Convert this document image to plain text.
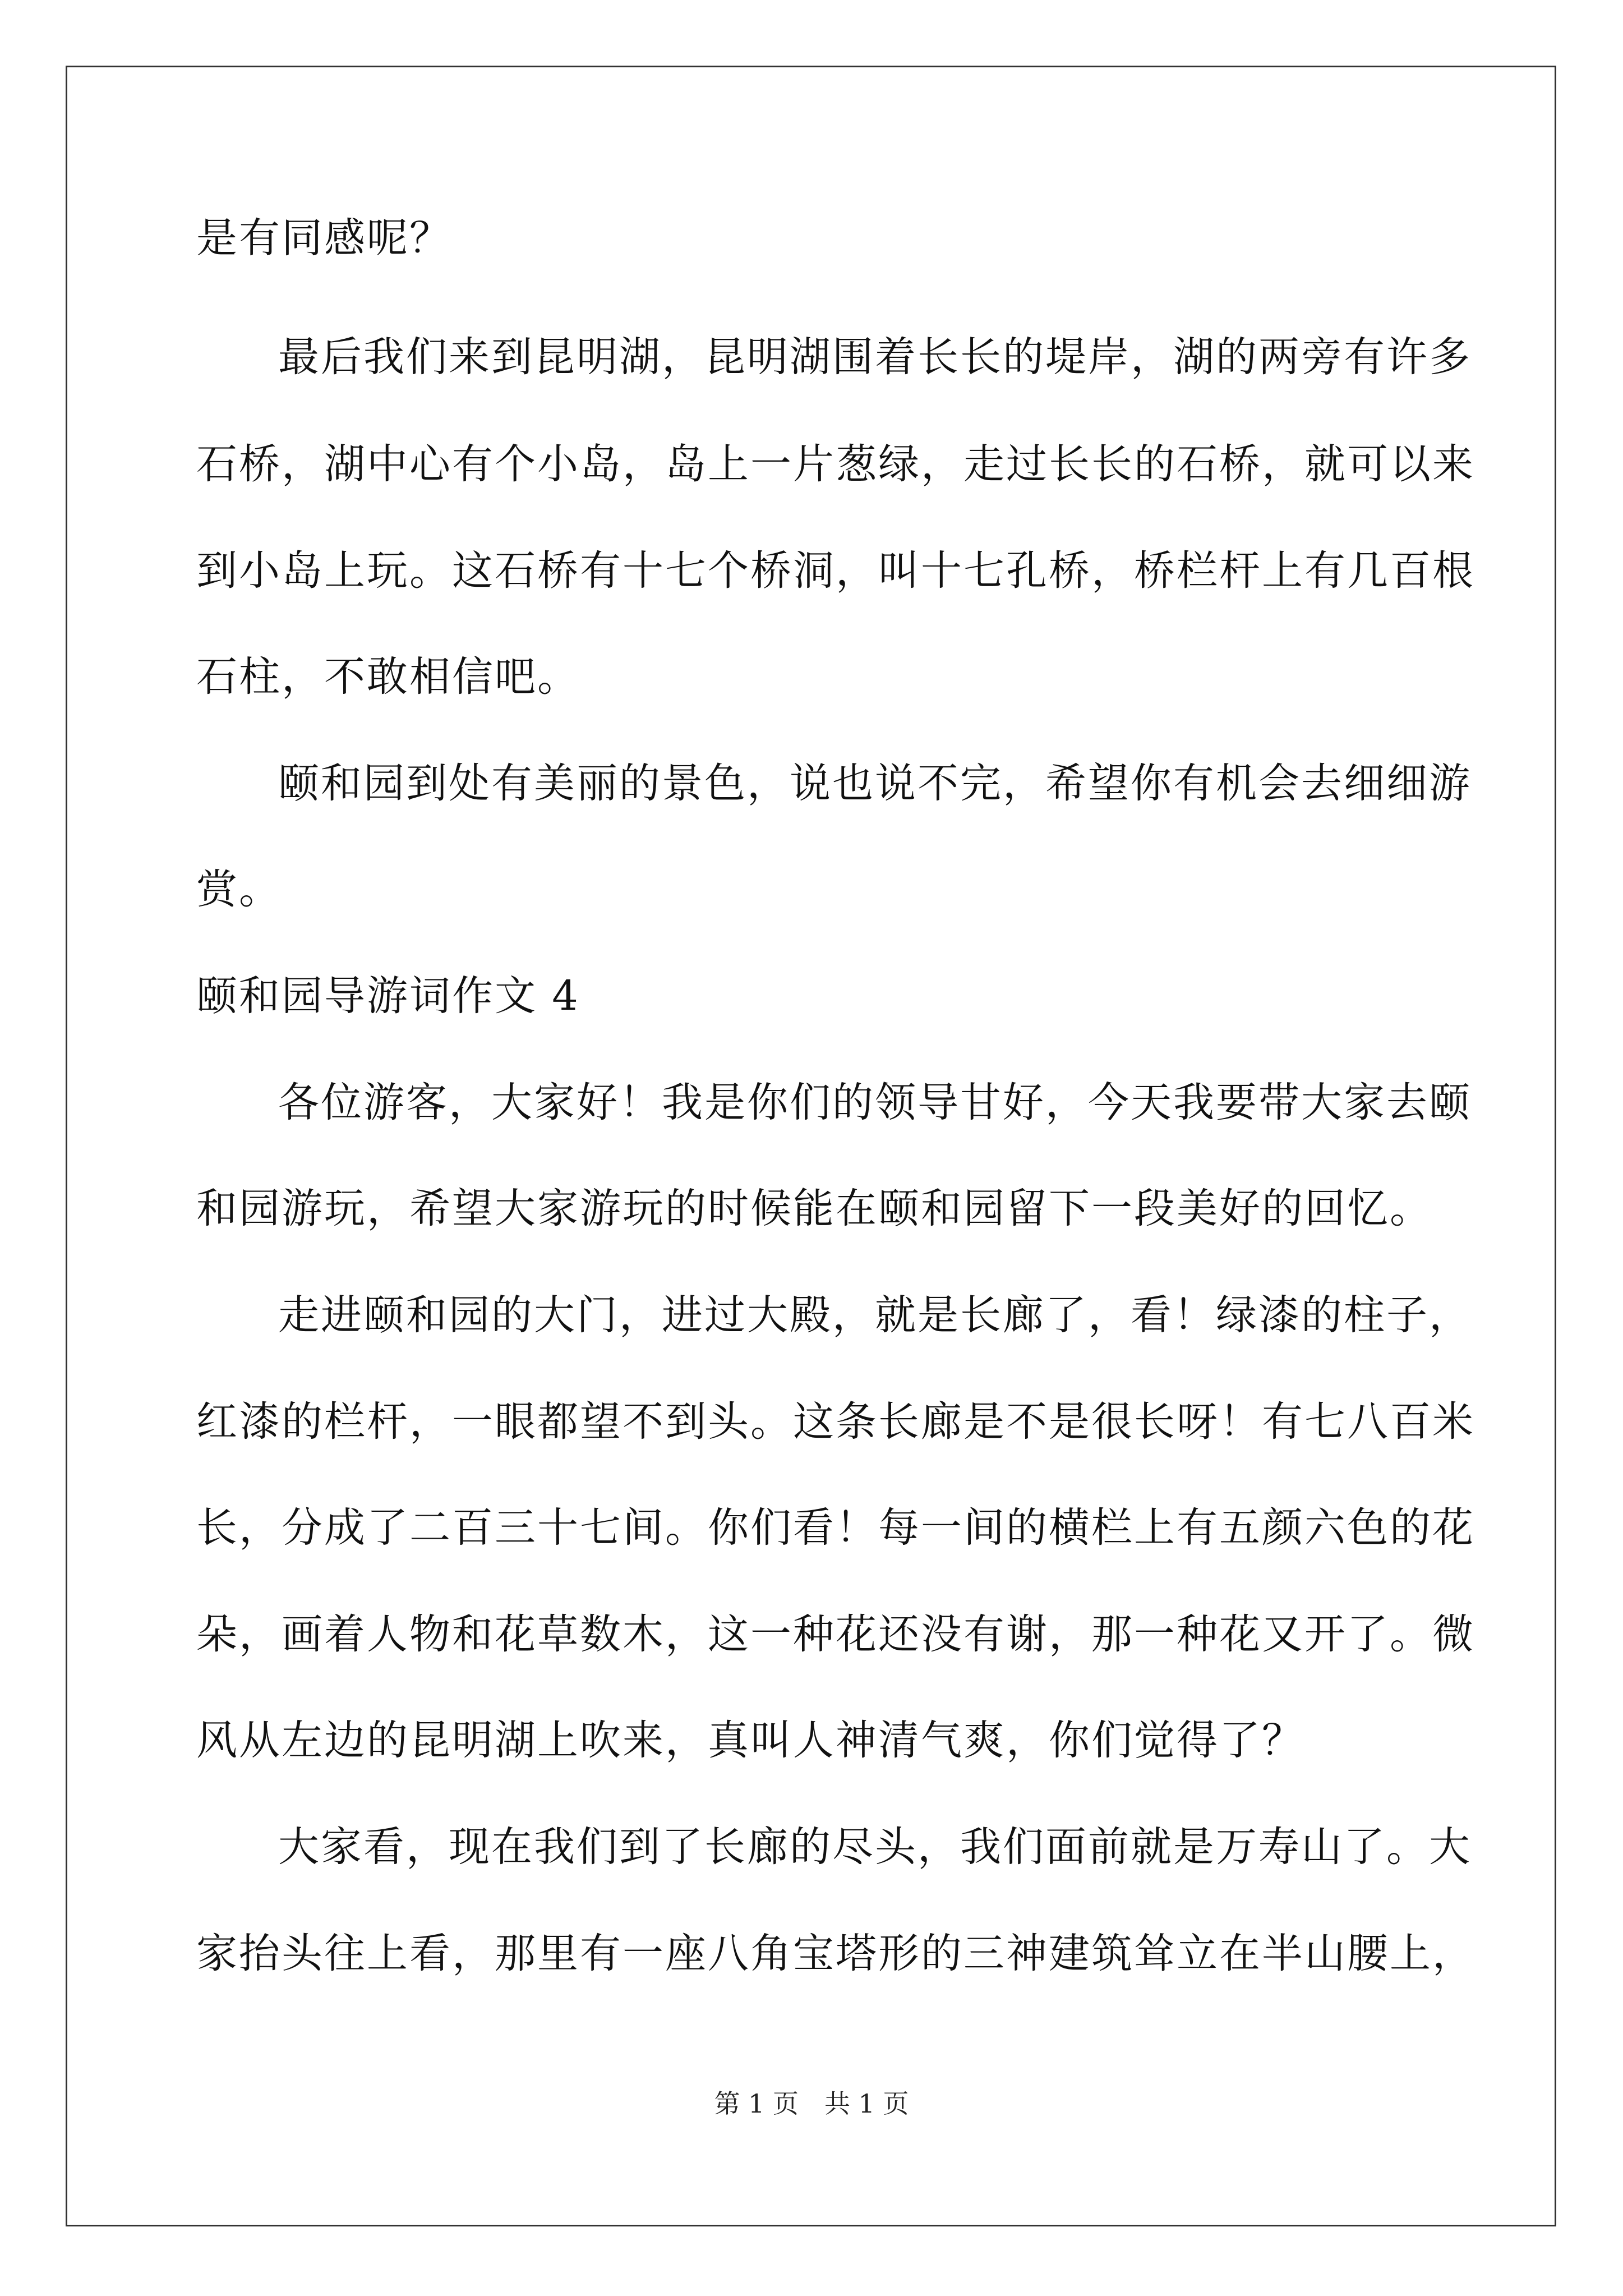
是有同感呢？
最后我们来到昆明湖，昆明湖围着长长的堤岸，湖的两旁有许多
石桥，湖中心有个小岛，岛上一片葱绿，走过长长的石桥，就可以来
到小岛上玩。这石桥有十七个桥洞，叫十七孔桥，桥栏杆上有几百根
石柱，不敢相信吧。
颐和园到处有美丽的景色，说也说不完，希望你有机会去细细游
赏。
颐和园导游词作文 4
各位游客，大家好！我是你们的领导甘好，今天我要带大家去颐
和园游玩，希望大家游玩的时候能在颐和园留下一段美好的回忆。
走进颐和园的大门，进过大殿，就是长廊了，看！绿漆的柱子，
红漆的栏杆，一眼都望不到头。这条长廊是不是很长呀！有七八百米
长，分成了二百三十七间。你们看！每一间的横栏上有五颜六色的花
朵，画着人物和花草数木，这一种花还没有谢，那一种花又开了。微
风从左边的昆明湖上吹来，真叫人神清气爽，你们觉得了？
大家看，现在我们到了长廊的尽头，我们面前就是万寿山了。大
家抬头往上看，那里有一座八角宝塔形的三神建筑耸立在半山腰上，
第 1 页　共 1 页
